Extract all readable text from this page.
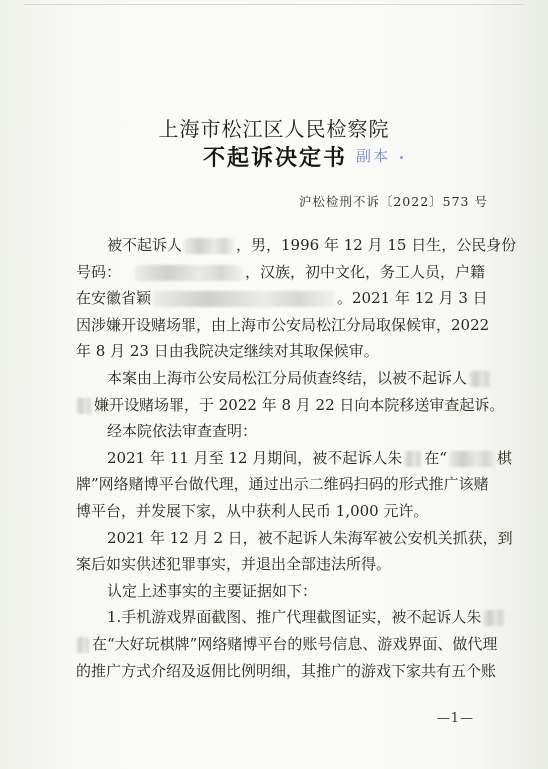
上海市松江区人民检察院
不起诉决定书 副本
沪松检刑不诉〔2022〕573 号
被不起诉人	，男，1996 年 12 月 15 日生，公民身份
号码：	，汉族，初中文化，务工人员，户籍
在安徽省颖	。2021 年 12 月 3 日
因涉嫌开设赌场罪，由上海市公安局松江分局取保候审，2022
年 8 月 23 日由我院决定继续对其取保候审。
本案由上海市公安局松江分局侦查终结，以被不起诉人
嫌开设赌场罪，于 2022 年 8 月 22 日向本院移送审查起诉。
经本院依法审查查明：
2021 年 11 月至 12 月期间，被不起诉人朱 在“	棋
牌”网络赌博平台做代理，通过出示二维码扫码的形式推广该赌
博平台，并发展下家，从中获利人民币 1,000 元许。
2021 年 12 月 2 日，被不起诉人朱海军被公安机关抓获，到
案后如实供述犯罪事实，并退出全部违法所得。
认定上述事实的主要证据如下：
1.手机游戏界面截图、推广代理截图证实，被不起诉人朱
在“大好玩棋牌”网络赌博平台的账号信息、游戏界面、做代理
的推广方式介绍及返佣比例明细，其推广的游戏下家共有五个账
—1—
